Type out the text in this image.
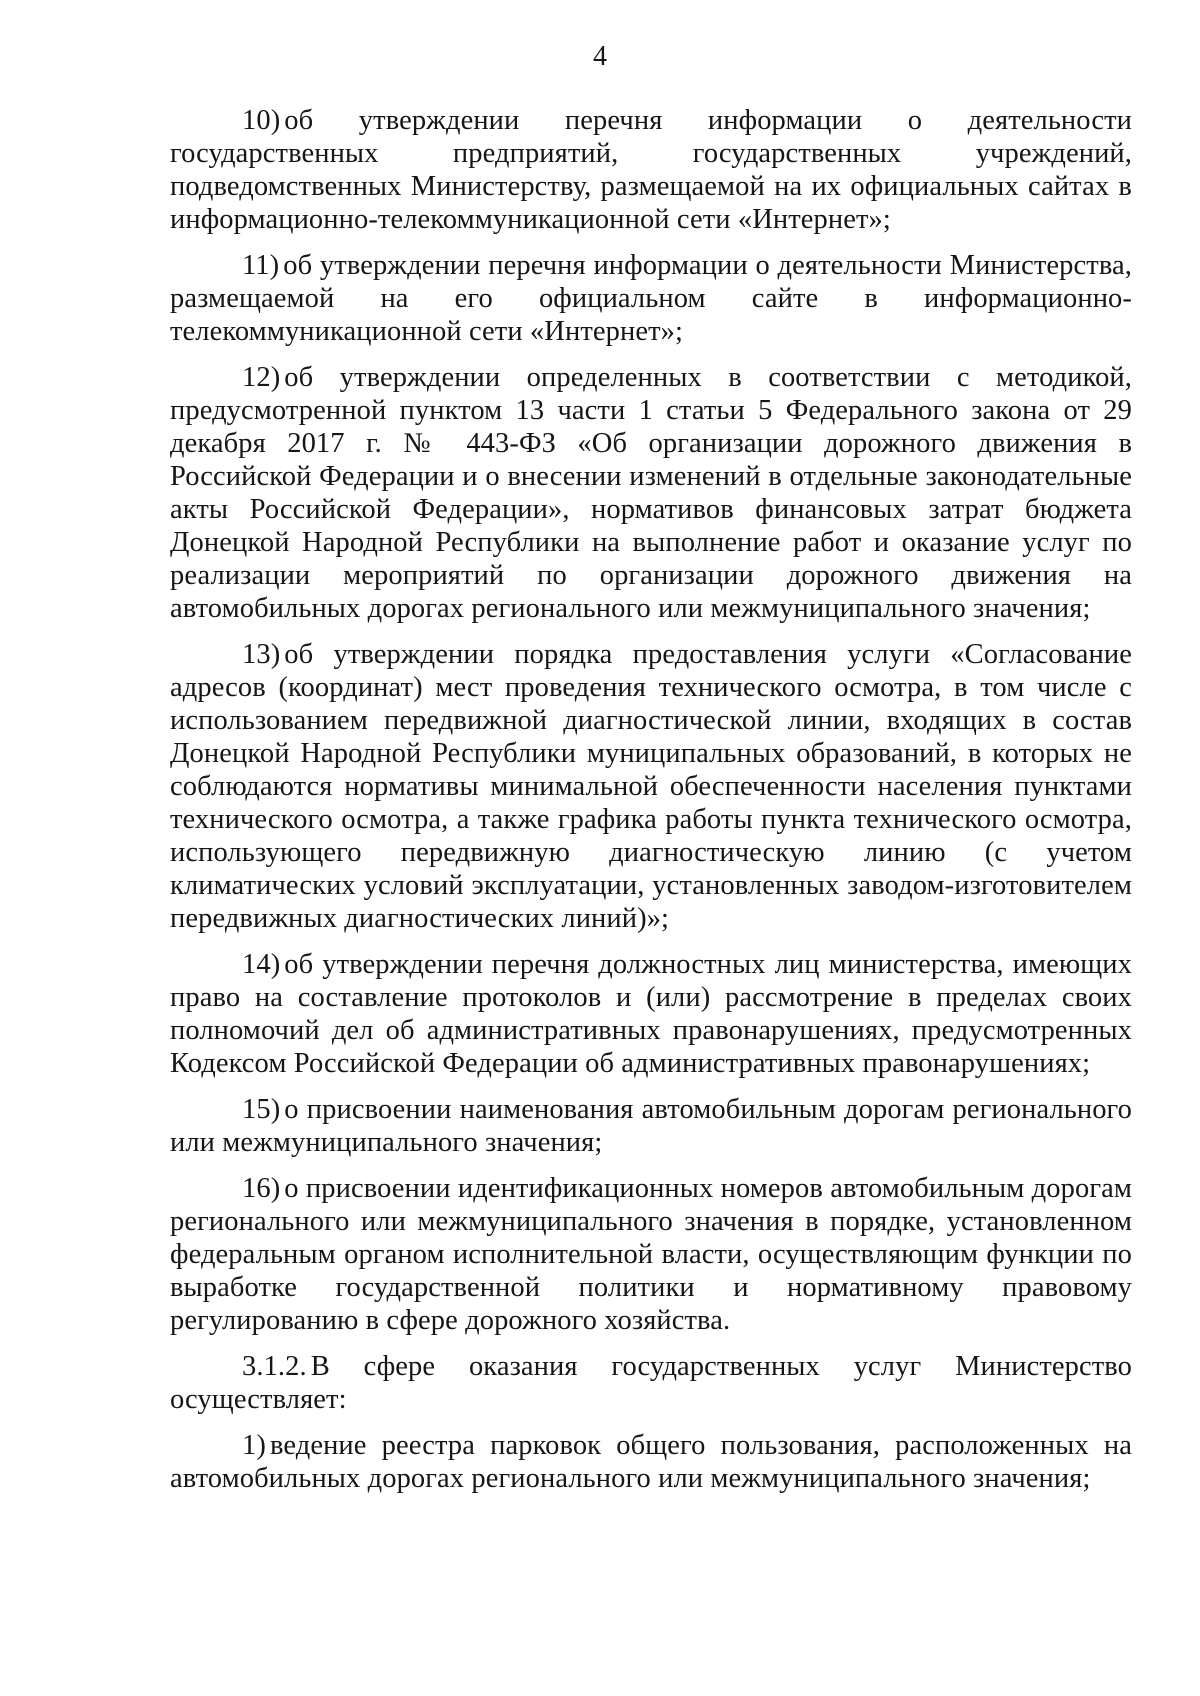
4

10) об утверждении перечня информации о деятельности государственных предприятий, государственных учреждений, подведомственных Министерству, размещаемой на их официальных сайтах в информационно-телекоммуникационной сети «Интернет»;

11) об утверждении перечня информации о деятельности Министерства, размещаемой на его официальном сайте в информационно-телекоммуникационной сети «Интернет»;

12) об утверждении определенных в соответствии с методикой, предусмотренной пунктом 13 части 1 статьи 5 Федерального закона от 29 декабря 2017 г. № 443-ФЗ «Об организации дорожного движения в Российской Федерации и о внесении изменений в отдельные законодательные акты Российской Федерации», нормативов финансовых затрат бюджета Донецкой Народной Республики на выполнение работ и оказание услуг по реализации мероприятий по организации дорожного движения на автомобильных дорогах регионального или межмуниципального значения;

13) об утверждении порядка предоставления услуги «Согласование адресов (координат) мест проведения технического осмотра, в том числе с использованием передвижной диагностической линии, входящих в состав Донецкой Народной Республики муниципальных образований, в которых не соблюдаются нормативы минимальной обеспеченности населения пунктами технического осмотра, а также графика работы пункта технического осмотра, использующего передвижную диагностическую линию (с учетом климатических условий эксплуатации, установленных заводом-изготовителем передвижных диагностических линий)»;

14) об утверждении перечня должностных лиц министерства, имеющих право на составление протоколов и (или) рассмотрение в пределах своих полномочий дел об административных правонарушениях, предусмотренных Кодексом Российской Федерации об административных правонарушениях;

15) о присвоении наименования автомобильным дорогам регионального или межмуниципального значения;

16) о присвоении идентификационных номеров автомобильным дорогам регионального или межмуниципального значения в порядке, установленном федеральным органом исполнительной власти, осуществляющим функции по выработке государственной политики и нормативному правовому регулированию в сфере дорожного хозяйства.

3.1.2. В сфере оказания государственных услуг Министерство осуществляет:

1) ведение реестра парковок общего пользования, расположенных на автомобильных дорогах регионального или межмуниципального значения;
